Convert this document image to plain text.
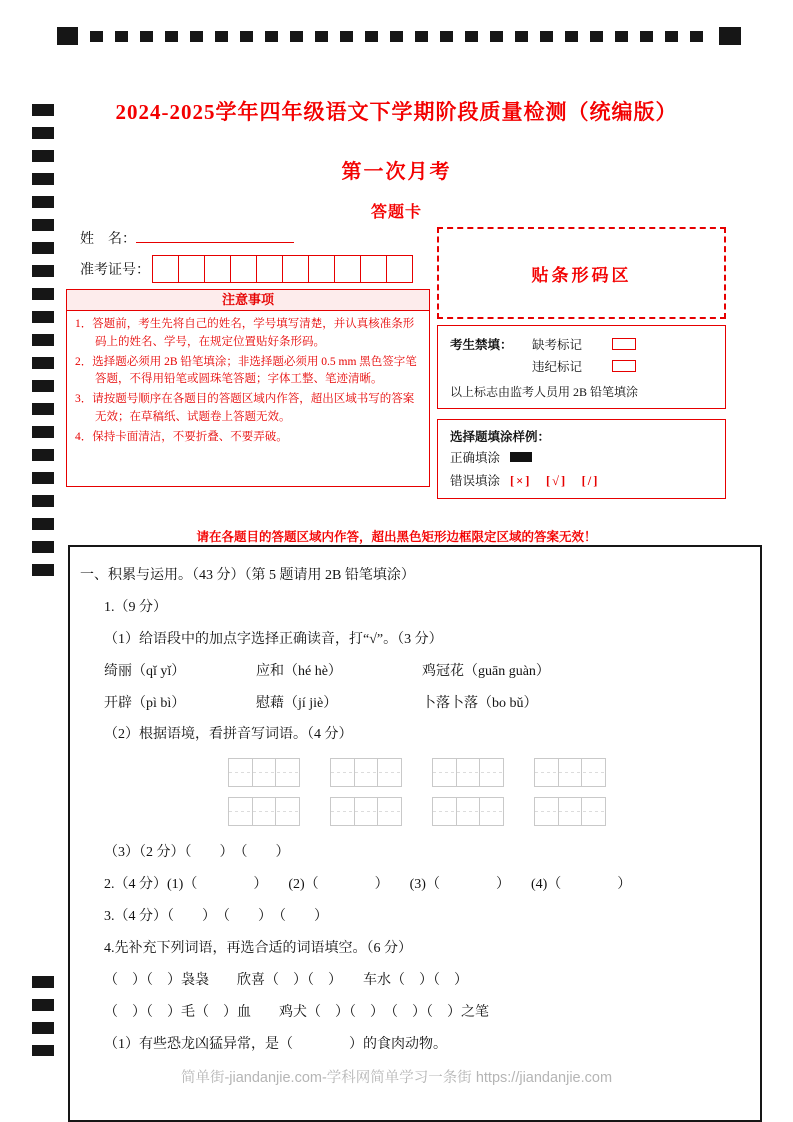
2024-2025学年四年级语文下学期阶段质量检测（统编版）
第一次月考
答题卡
姓　名：
准考证号：	贴条形码区
注意事项
1．答题前，考生先将自己的姓名，学号填写清楚，并认真核准条形码上的姓名、学号，在规定位置贴好条形码。
2．选择题必须用 2B 铅笔填涂；非选择题必须用 0.5 mm 黑色签字笔答题，不得用铅笔或圆珠笔答题；字体工整、笔迹清晰。
3．请按题号顺序在各题目的答题区域内作答，超出区域书写的答案无效；在草稿纸、试题卷上答题无效。
4．保持卡面清洁，不要折叠、不要弄破。
考生禁填：	缺考标记
违纪标记
以上标志由监考人员用 2B 铅笔填涂
选择题填涂样例：
正确填涂
错误填涂 [×]　[√]　[/]
请在各题目的答题区域内作答，超出黑色矩形边框限定区域的答案无效！
一、积累与运用。（43 分）（第 5 题请用 2B 铅笔填涂）
1.（9 分）
（1）给语段中的加点字选择正确读音，打“√”。（3 分）
绮丽（qǐ yǐ）	应和（hé hè）	鸡冠花（guān guàn）
开辟（pì bì）	慰藉（jí jiè）	卜落卜落（bo bǔ）
（2）根据语境，看拼音写词语。（4 分）
（3）（2 分）（　　）　（　　）
2.（4 分）(1)（　　　　）　　(2)（　　　　）　　(3)（　　　　）　　(4)（　　　　）
3.（4 分）（　　）　（　　）　（　　）
4.先补充下列词语，再选合适的词语填空。（6 分）
（　）（　）袅袅　　欣喜（　）（　）　　车水（　）（　）
（　）（　）毛（　）血　　鸡犬（　）（　）　（　）（　）之笔
（1）有些恐龙凶猛异常，是（　　　　）的食肉动物。
简单街-jiandanjie.com-学科网简单学习一条街 https://jiandanjie.com
